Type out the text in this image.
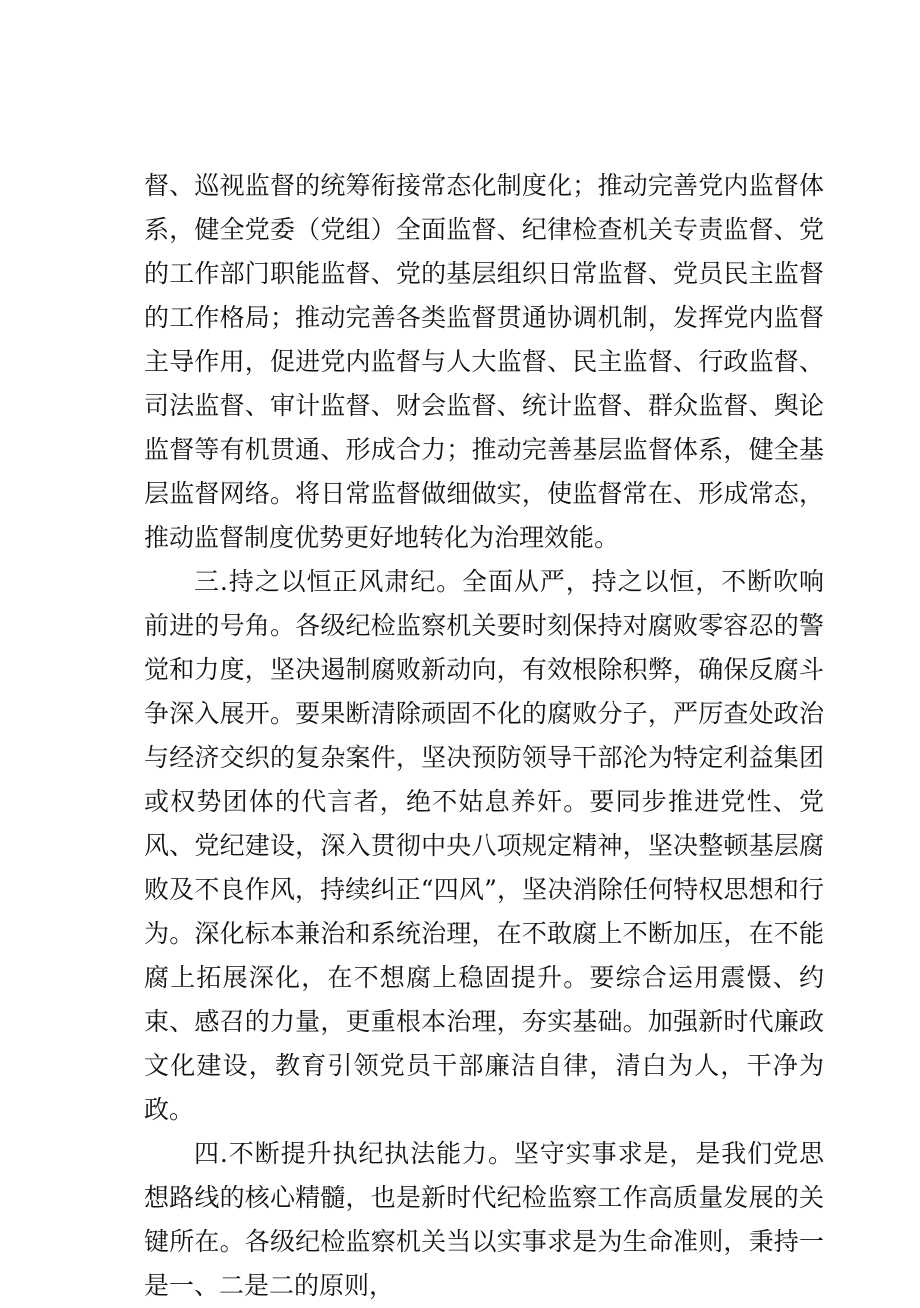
督、巡视监督的统筹衔接常态化制度化；推动完善党内监督体系，健全党委（党组）全面监督、纪律检查机关专责监督、党的工作部门职能监督、党的基层组织日常监督、党员民主监督的工作格局；推动完善各类监督贯通协调机制，发挥党内监督主导作用，促进党内监督与人大监督、民主监督、行政监督、司法监督、审计监督、财会监督、统计监督、群众监督、舆论监督等有机贯通、形成合力；推动完善基层监督体系，健全基层监督网络。将日常监督做细做实，使监督常在、形成常态，推动监督制度优势更好地转化为治理效能。

三.持之以恒正风肃纪。全面从严，持之以恒，不断吹响前进的号角。各级纪检监察机关要时刻保持对腐败零容忍的警觉和力度，坚决遏制腐败新动向，有效根除积弊，确保反腐斗争深入展开。要果断清除顽固不化的腐败分子，严厉查处政治与经济交织的复杂案件，坚决预防领导干部沦为特定利益集团或权势团体的代言者，绝不姑息养奸。要同步推进党性、党风、党纪建设，深入贯彻中央八项规定精神，坚决整顿基层腐败及不良作风，持续纠正“四风”，坚决消除任何特权思想和行为。深化标本兼治和系统治理，在不敢腐上不断加压，在不能腐上拓展深化，在不想腐上稳固提升。要综合运用震慑、约束、感召的力量，更重根本治理，夯实基础。加强新时代廉政文化建设，教育引领党员干部廉洁自律，清白为人，干净为政。

四.不断提升执纪执法能力。坚守实事求是，是我们党思想路线的核心精髓，也是新时代纪检监察工作高质量发展的关键所在。各级纪检监察机关当以实事求是为生命准则，秉持一是一、二是二的原则，
